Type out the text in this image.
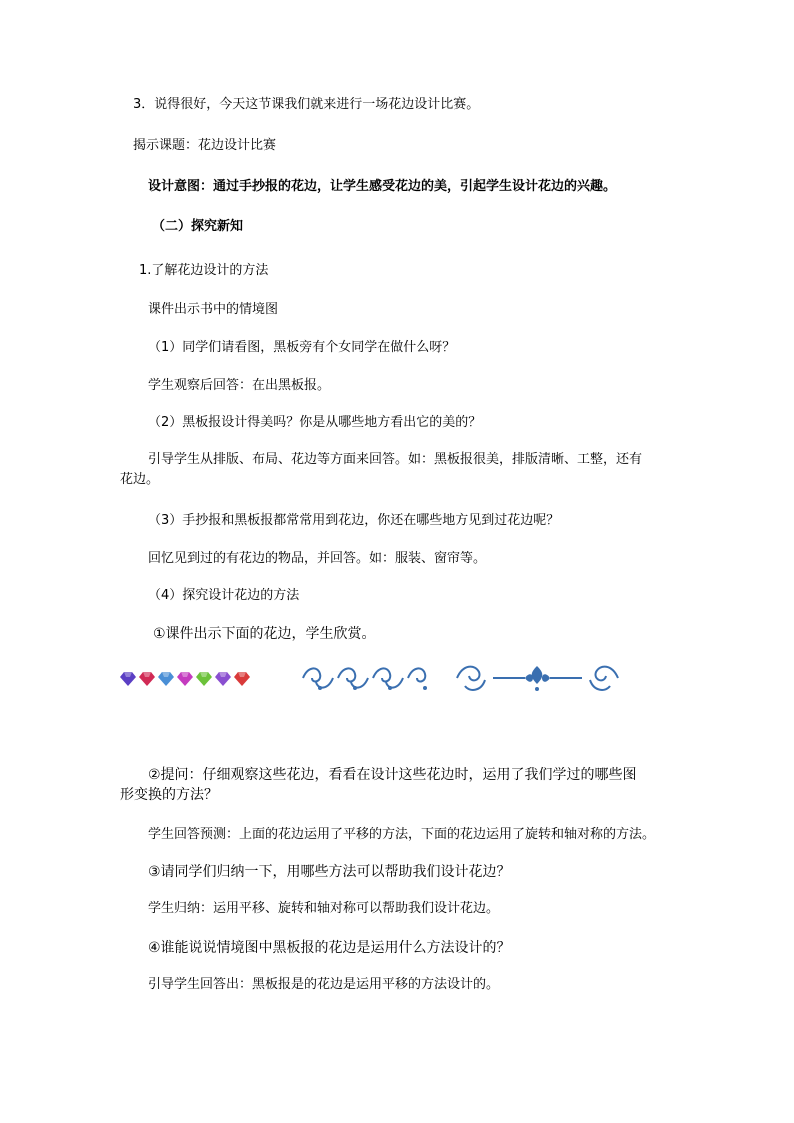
3．说得很好，今天这节课我们就来进行一场花边设计比赛。
揭示课题：花边设计比赛
设计意图：通过手抄报的花边，让学生感受花边的美，引起学生设计花边的兴趣。
（二）探究新知
1.了解花边设计的方法
课件出示书中的情境图
（1）同学们请看图，黑板旁有个女同学在做什么呀？
学生观察后回答：在出黑板报。
（2）黑板报设计得美吗？你是从哪些地方看出它的美的？
引导学生从排版、布局、花边等方面来回答。如：黑板报很美，排版清晰、工整，还有花边。
（3）手抄报和黑板报都常常用到花边，你还在哪些地方见到过花边呢？
回忆见到过的有花边的物品，并回答。如：服装、窗帘等。
（4）探究设计花边的方法
①课件出示下面的花边，学生欣赏。
②提问：仔细观察这些花边，看看在设计这些花边时，运用了我们学过的哪些图形变换的方法？
学生回答预测：上面的花边运用了平移的方法，下面的花边运用了旋转和轴对称的方法。
③请同学们归纳一下，用哪些方法可以帮助我们设计花边？
学生归纳：运用平移、旋转和轴对称可以帮助我们设计花边。
④谁能说说情境图中黑板报的花边是运用什么方法设计的？
引导学生回答出：黑板报是的花边是运用平移的方法设计的。
